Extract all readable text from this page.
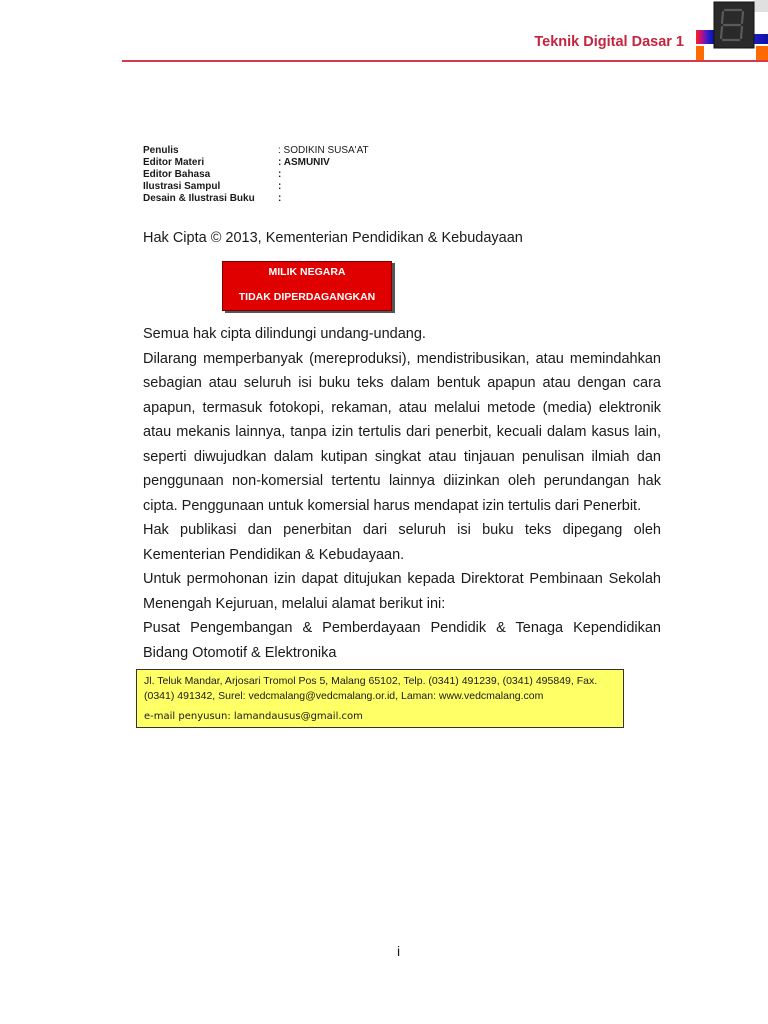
Teknik Digital Dasar 1
Penulis	: SODIKIN SUSA'AT
Editor Materi	: ASMUNIV
Editor Bahasa	:
Ilustrasi Sampul	:
Desain & Ilustrasi Buku :
Hak Cipta © 2013, Kementerian Pendidikan & Kebudayaan
MILIK NEGARA
TIDAK DIPERDAGANGKAN

Semua hak cipta dilindungi undang-undang.

Dilarang memperbanyak (mereproduksi), mendistribusikan, atau memindahkan sebagian atau seluruh isi buku teks dalam bentuk apapun atau dengan cara apapun, termasuk fotokopi, rekaman, atau melalui metode (media) elektronik atau mekanis lainnya, tanpa izin tertulis dari penerbit, kecuali dalam kasus lain, seperti diwujudkan dalam kutipan singkat atau tinjauan penulisan ilmiah dan penggunaan non-komersial tertentu lainnya diizinkan oleh perundangan hak cipta. Penggunaan untuk komersial harus mendapat izin tertulis dari Penerbit.

Hak publikasi dan penerbitan dari seluruh isi buku teks dipegang oleh Kementerian Pendidikan & Kebudayaan.

Untuk permohonan izin dapat ditujukan kepada Direktorat Pembinaan Sekolah Menengah Kejuruan, melalui alamat berikut ini:

Pusat Pengembangan & Pemberdayaan Pendidik & Tenaga Kependidikan Bidang Otomotif & Elektronika

Jl. Teluk Mandar, Arjosari Tromol Pos 5, Malang 65102, Telp. (0341) 491239, (0341) 495849, Fax. (0341) 491342, Surel: vedcmalang@vedcmalang.or.id, Laman: www.vedcmalang.com
e-mail penyusun: lamandausus@gmail.com
i
